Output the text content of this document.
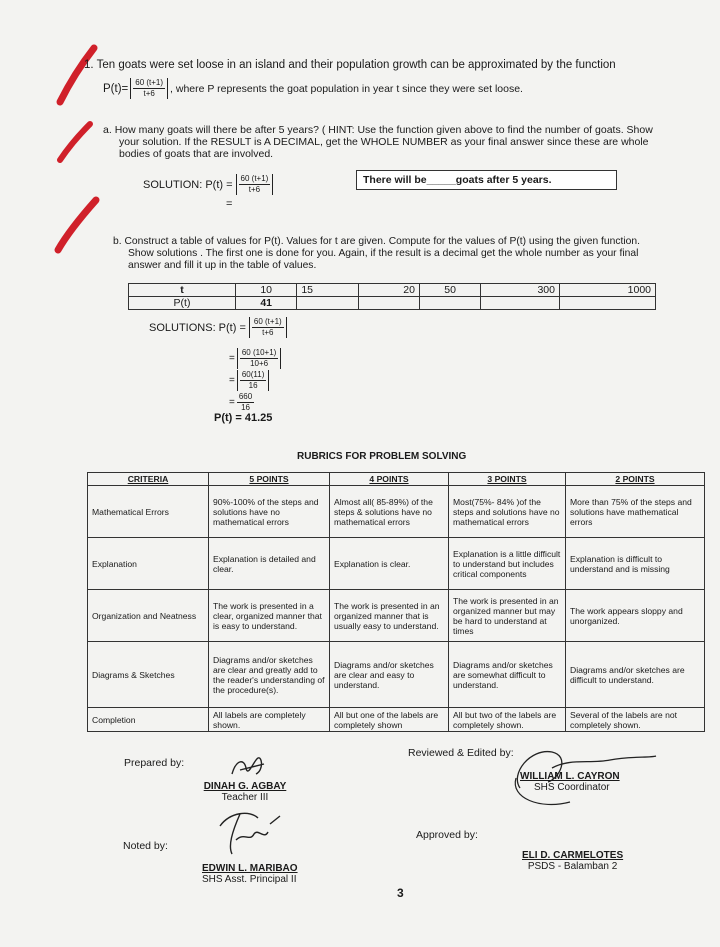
1. Ten goats were set loose in an island and their population growth can be approximated by the function
$P(t)= \frac{60 (t+1)}{t+6}$ , where P represents the goat population in year t since they were set loose.
a. How many goats will there be after 5 years? ( HINT: Use the function given above to find the number of goats. Show
your solution. If the RESULT is A DECIMAL, get the WHOLE NUMBER as your final answer since these are whole
bodies of goats that are involved.
SOLUTION: $P(t) = \frac{60 (t+1)}{t+6}$
=
There will be_____goats after 5 years.
b. Construct a table of values for P(t). Values for t are given. Compute for the values of P(t) using the given function.
Show solutions . The first one is done for you. Again, if the result is a decimal get the whole number as your final
answer and fill it up in the table of values.
t	10	15	20	50	300	1000
P(t)	41					
SOLUTIONS: $P(t) = \frac{60 (t+1)}{t+6}$
= $\frac{60 (10+1)}{10+6}$
= $\frac{60(11)}{16}$
= $\frac{660}{16}$
P(t) = 41.25
RUBRICS FOR PROBLEM SOLVING
CRITERIA	5 POINTS	4 POINTS	3 POINTS	2 POINTS
Mathematical Errors	90%-100% of the steps and solutions have no mathematical errors	Almost all( 85-89%) of the steps & solutions have no mathematical errors	Most(75%- 84% )of the steps and solutions have no mathematical errors	More than 75% of the steps and solutions have mathematical errors
Explanation	Explanation is detailed and clear.	Explanation is clear.	Explanation is a little difficult to understand but includes critical components	Explanation is difficult to understand and is missing
Organization and Neatness	The work is presented in a clear, organized manner that is easy to understand.	The work is presented in an organized manner that is usually easy to understand.	The work is presented in an organized manner but may be hard to understand at times	The work appears sloppy and unorganized.
Diagrams & Sketches	Diagrams and/or sketches are clear and greatly add to the reader's understanding of the procedure(s).	Diagrams and/or sketches are clear and easy to understand.	Diagrams and/or sketches are somewhat difficult to understand.	Diagrams and/or sketches are difficult to understand.
Completion	All labels are completely shown.	All but one of the labels are completely shown	All but two of the labels are completely shown.	Several of the labels are not completely shown.
Prepared by:
DINAH G. AGBAY
Teacher III
Reviewed & Edited by:
WILLIAM L. CAYRON
SHS Coordinator
Noted by:
EDWIN L. MARIBAO
SHS Asst. Principal II
Approved by:
ELI D. CARMELOTES
PSDS - Balamban 2
3
